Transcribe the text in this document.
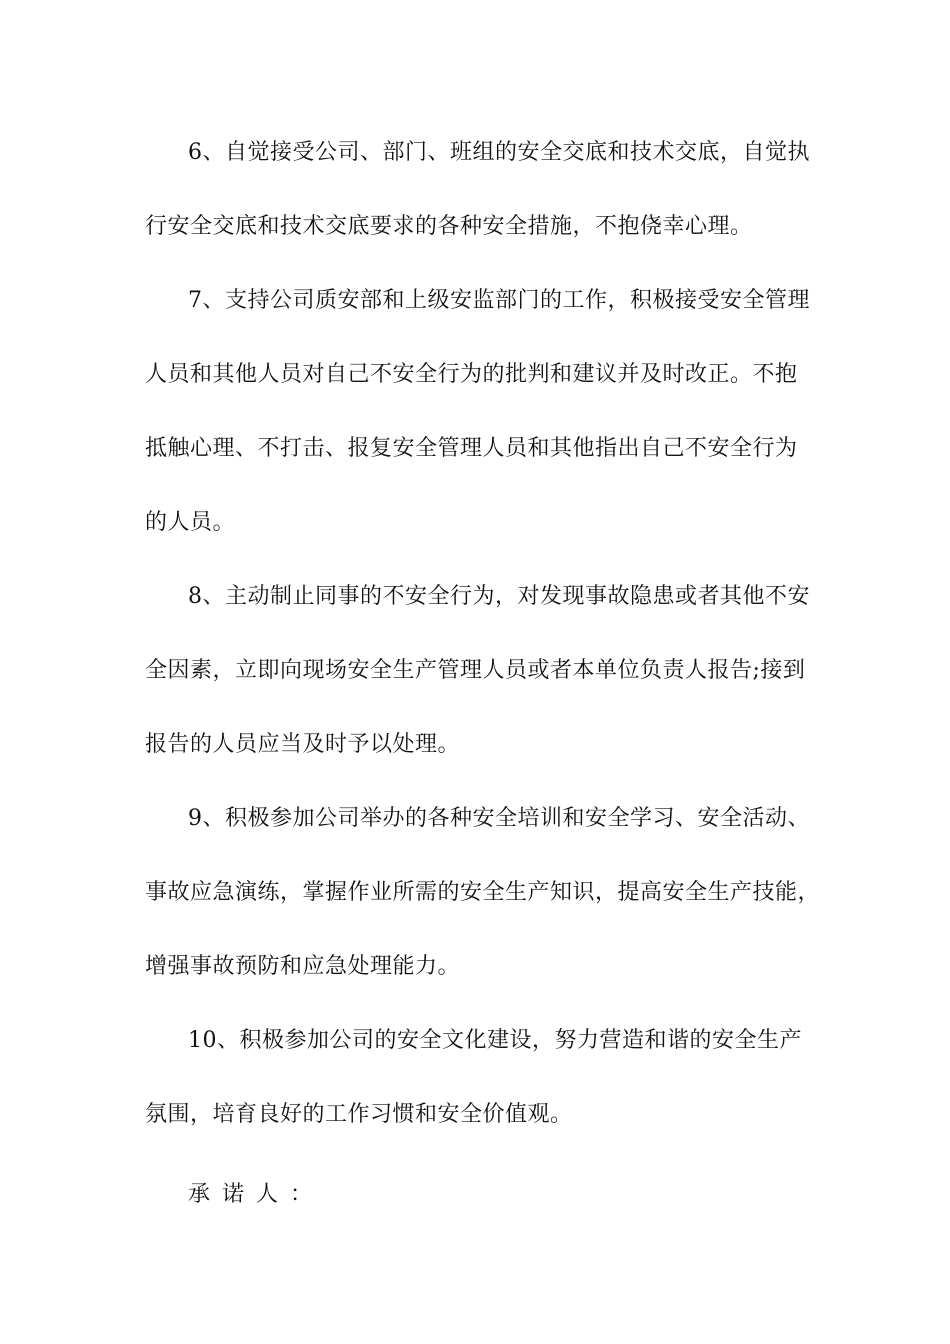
6、自觉接受公司、部门、班组的安全交底和技术交底，自觉执
行安全交底和技术交底要求的各种安全措施，不抱侥幸心理。
7、支持公司质安部和上级安监部门的工作，积极接受安全管理
人员和其他人员对自己不安全行为的批判和建议并及时改正。不抱
抵触心理、不打击、报复安全管理人员和其他指出自己不安全行为
的人员。
8、主动制止同事的不安全行为，对发现事故隐患或者其他不安
全因素，立即向现场安全生产管理人员或者本单位负责人报告;接到
报告的人员应当及时予以处理。
9、积极参加公司举办的各种安全培训和安全学习、安全活动、
事故应急演练，掌握作业所需的安全生产知识，提高安全生产技能，
增强事故预防和应急处理能力。
10、积极参加公司的安全文化建设，努力营造和谐的安全生产
氛围，培育良好的工作习惯和安全价值观。
承诺人：
